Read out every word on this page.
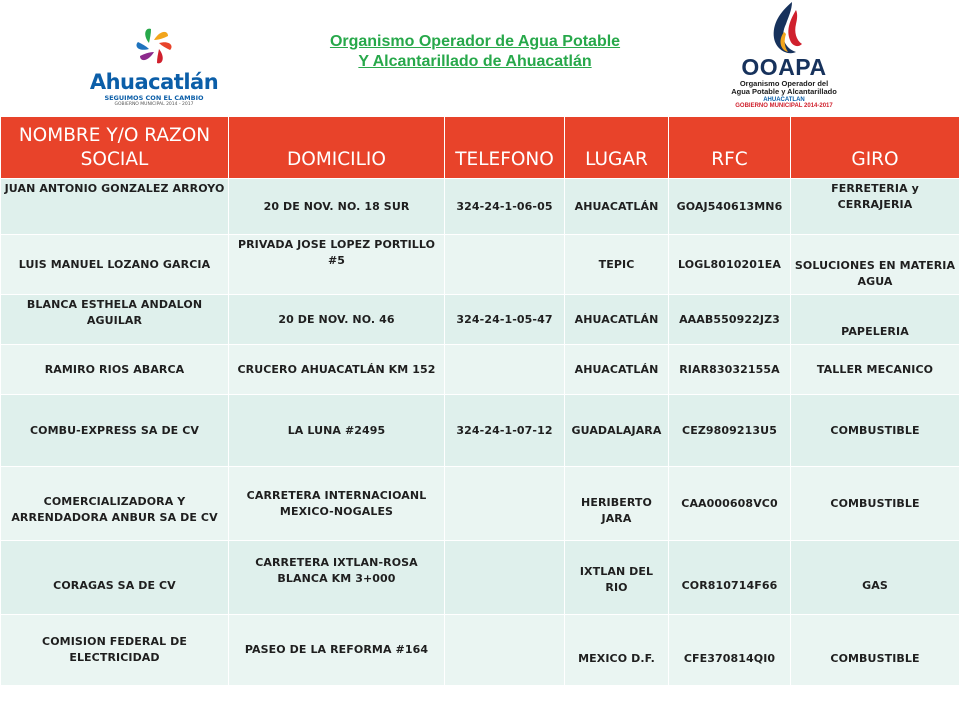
Ahuacatlán
SEGUIMOS CON EL CAMBIO
GOBIERNO MUNICIPAL 2014 - 2017
Organismo Operador de Agua Potable
Y Alcantarillado de Ahuacatlán	OOAPA
Organismo Operador del
Agua Potable y Alcantarillado
AHUACATLAN
GOBIERNO MUNICIPAL 2014-2017
NOMBRE Y/O RAZON SOCIAL	DOMICILIO	TELEFONO	LUGAR	RFC	GIRO
JUAN ANTONIO GONZALEZ ARROYO	20 DE NOV. NO. 18 SUR	324-24-1-06-05	AHUACATLÁN	GOAJ540613MN6	FERRETERIA y CERRAJERIA
LUIS MANUEL LOZANO GARCIA	PRIVADA JOSE LOPEZ PORTILLO #5		TEPIC	LOGL8010201EA	SOLUCIONES EN MATERIA AGUA
BLANCA ESTHELA ANDALON AGUILAR	20 DE NOV. NO. 46	324-24-1-05-47	AHUACATLÁN	AAAB550922JZ3	PAPELERIA
RAMIRO RIOS ABARCA	CRUCERO AHUACATLÁN KM 152		AHUACATLÁN	RIAR83032155A	TALLER MECANICO
COMBU-EXPRESS SA DE CV	LA LUNA #2495	324-24-1-07-12	GUADALAJARA	CEZ9809213U5	COMBUSTIBLE
COMERCIALIZADORA Y ARRENDADORA ANBUR SA DE CV	CARRETERA INTERNACIOANL MEXICO-NOGALES		HERIBERTO JARA	CAA000608VC0	COMBUSTIBLE
CORAGAS SA DE CV	CARRETERA IXTLAN-ROSA BLANCA KM 3+000		IXTLAN DEL RIO	COR810714F66	GAS
COMISION FEDERAL DE ELECTRICIDAD	PASEO DE LA REFORMA #164		MEXICO D.F.	CFE370814QI0	COMBUSTIBLE
